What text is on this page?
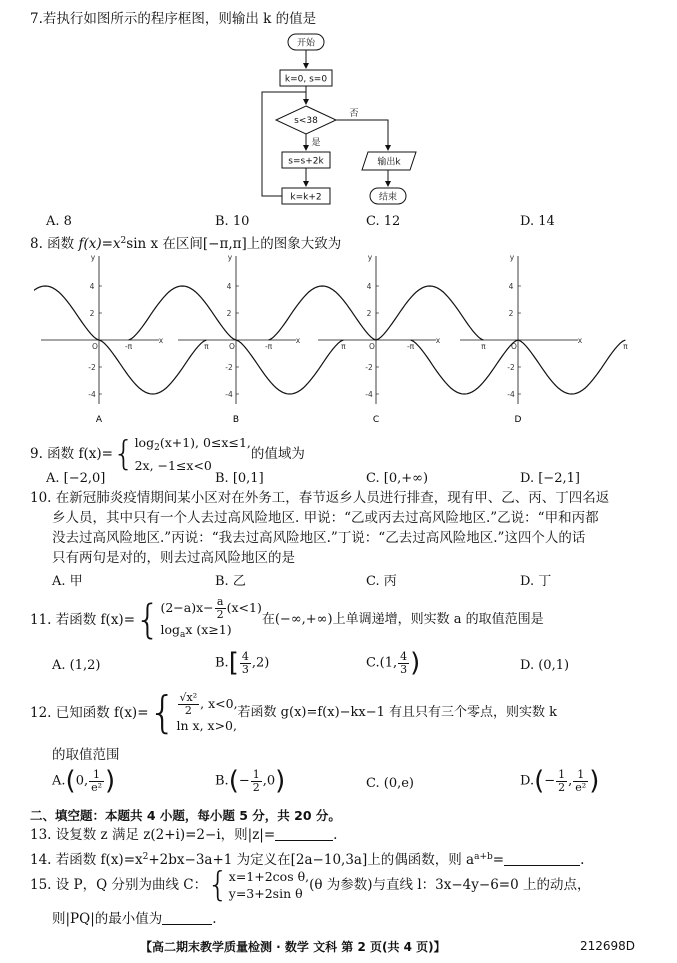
7.若执行如图所示的程序框图，则输出 k 的值是
开始
k=0, s=0
s<38
否
是
s=s+2k
k=k+2
输出k
结束
A. 8	B. 10	C. 12	D. 14
8. 函数 $f(x)=x^2\sin$ x 在区间[−π,π]上的图象大致为
x
y
O	π
4
2
-2
-4
A
x
y
O	π
-π
4
2
-2
-4
B
x
y
O	π
-π
4
2
-2
-4
C
x
y
O	π
-π
4
2
-2
-4
D
9. 函数 f(x)={ $\log_2(x+1)$, 0≤x≤1,
2x, −1≤x<0
的值域为
A. [−2,0]	B. [0,1]	C. [0,+∞)	D. [−2,1]
10. 在新冠肺炎疫情期间某小区对在外务工，春节返乡人员进行排查，现有甲、乙、丙、丁四名返
乡人员，其中只有一个人去过高风险地区. 甲说：“乙或丙去过高风险地区.”乙说：“甲和丙都
没去过高风险地区.”丙说：“我去过高风险地区.”丁说：“乙去过高风险地区.”这四个人的话
只有两句是对的，则去过高风险地区的是
A. 甲	B. 乙	C. 丙	D. 丁
11. 若函数 f(x)={ $(2-a)x- \frac{a}{2} (x<1)$
$\log_ax$ (x≥1)
在(−∞,+∞)上单调递增，则实数 a 的取值范围是
A. (1,2)	$B.[ \frac{4}{3} ,2)$	C.(1, $\frac{4}{3}$ )	D. (0,1)
12. 已知函数 $f(x)=\{ \frac{\text{√x²}}{2}$ , x<0,
ln x, x>0,
若函数 g(x)=f(x)−kx−1 有且只有三个零点，则实数 k
的取值范围
A.(0, $\frac{1}{\text{e²}}$ )	$B.(- \frac{1}{2} ,0)$	C. (0,e)	$D.(- \frac{1}{2}$ , $\frac{1}{\text{e²}}$ )
二、填空题：本题共 4 小题，每小题 5 分，共 20 分。
13. 设复数 z 满足 z(2+i)=2−i，则|z|=	.
14. 若函数 $f(x)=x^2+2bx-3a+1$ 为定义在[2a−10,3a]上的偶函数，则 $a^{a+b}=$	.
15. 设 P，Q 分别为曲线 C：{ x=1+2cos θ,
y=3+2sin θ
(θ 为参数)与直线 l：3x−4y−6=0 上的动点，
则|PQ|的最小值为	.
【高二期末教学质量检测 · 数学 文科 第 2 页(共 4 页)】	212698D
